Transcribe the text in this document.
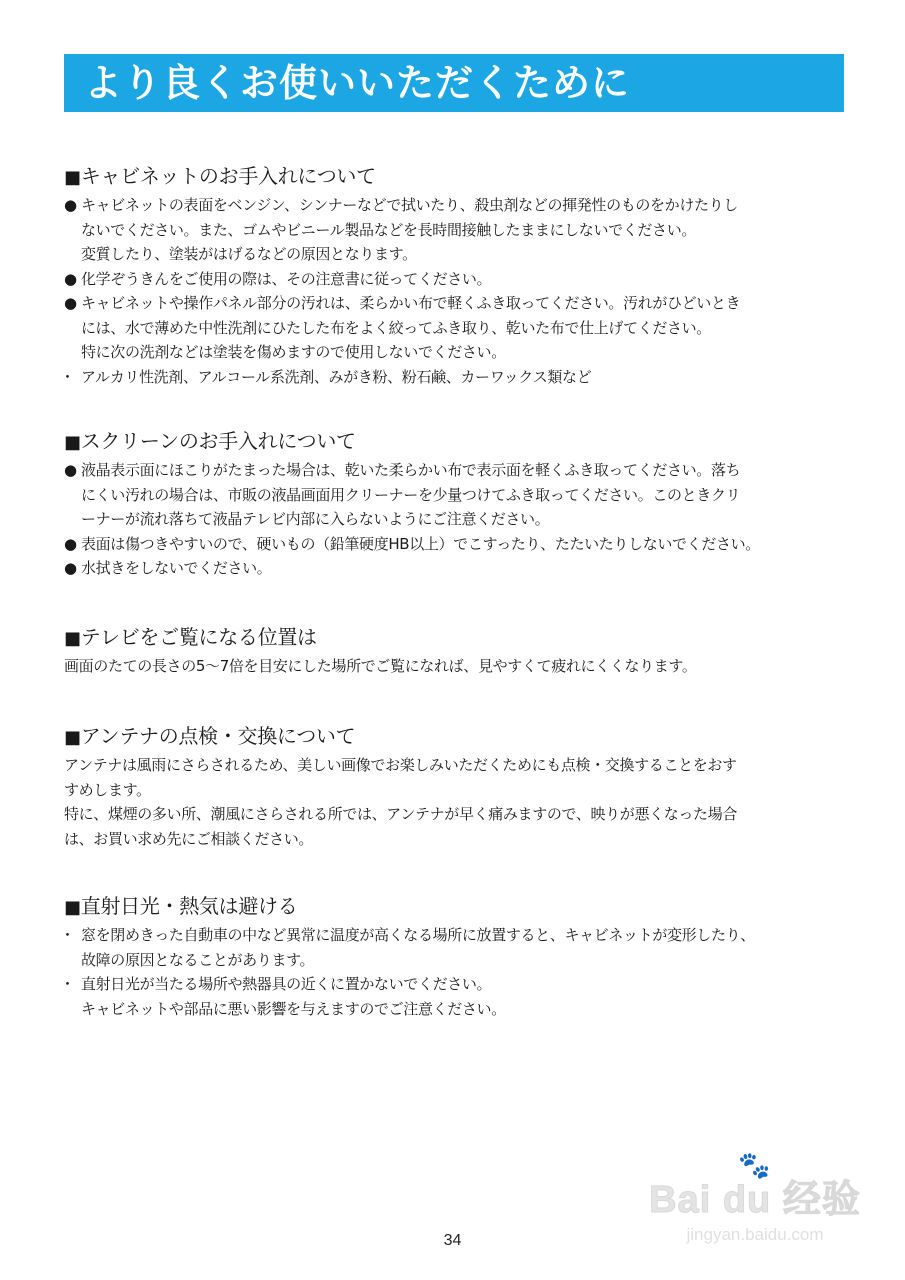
より良くお使いいただくために
■キャビネットのお手入れについて
● キャビネットの表面をベンジン、シンナーなどで拭いたり、殺虫剤などの揮発性のものをかけたりし
ないでください。また、ゴムやビニール製品などを長時間接触したままにしないでください。
変質したり、塗装がはげるなどの原因となります。
● 化学ぞうきんをご使用の際は、その注意書に従ってください。
● キャビネットや操作パネル部分の汚れは、柔らかい布で軽くふき取ってください。汚れがひどいとき
には、水で薄めた中性洗剤にひたした布をよく絞ってふき取り、乾いた布で仕上げてください。
特に次の洗剤などは塗装を傷めますので使用しないでください。
・ アルカリ性洗剤、アルコール系洗剤、みがき粉、粉石鹸、カーワックス類など
■スクリーンのお手入れについて
● 液晶表示面にほこりがたまった場合は、乾いた柔らかい布で表示面を軽くふき取ってください。落ち
にくい汚れの場合は、市販の液晶画面用クリーナーを少量つけてふき取ってください。このときクリ
ーナーが流れ落ちて液晶テレビ内部に入らないようにご注意ください。
● 表面は傷つきやすいので、硬いもの（鉛筆硬度HB以上）でこすったり、たたいたりしないでください。
● 水拭きをしないでください。
■テレビをご覧になる位置は
画面のたての長さの5〜7倍を目安にした場所でご覧になれば、見やすくて疲れにくくなります。
■アンテナの点検・交換について
アンテナは風雨にさらされるため、美しい画像でお楽しみいただくためにも点検・交換することをおす
すめします。
特に、煤煙の多い所、潮風にさらされる所では、アンテナが早く痛みますので、映りが悪くなった場合
は、お買い求め先にご相談ください。
■直射日光・熱気は避ける
・ 窓を閉めきった自動車の中など異常に温度が高くなる場所に放置すると、キャビネットが変形したり、
故障の原因となることがあります。
・ 直射日光が当たる場所や熱器具の近くに置かないでください。
キャビネットや部品に悪い影響を与えますのでご注意ください。
🐾
Bai du 经验
jingyan.baidu.com
34
